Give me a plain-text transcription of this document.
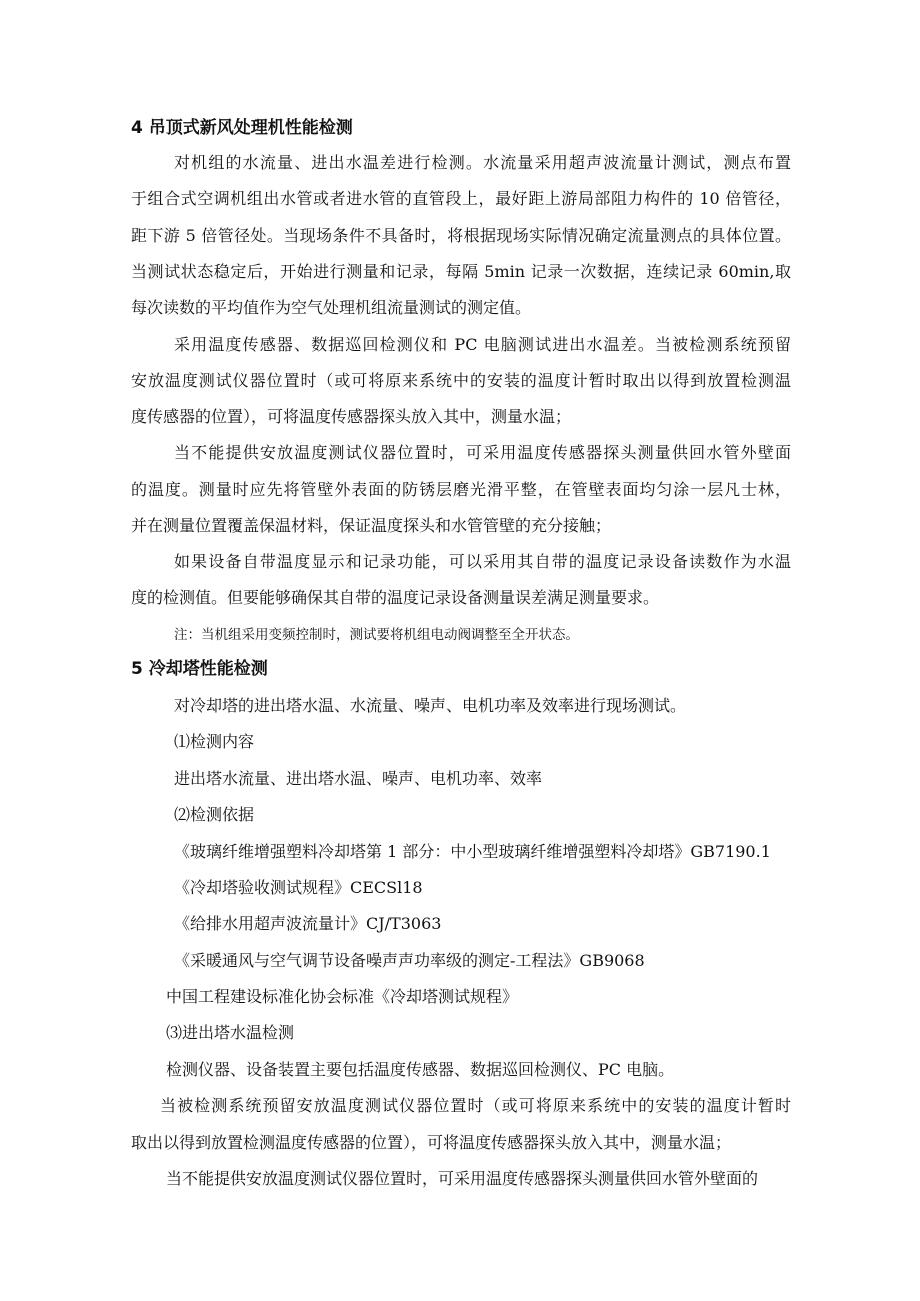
4 吊顶式新风处理机性能检测
对机组的水流量、进出水温差进行检测。水流量采用超声波流量计测试，测点布置
于组合式空调机组出水管或者进水管的直管段上，最好距上游局部阻力构件的 10 倍管径，
距下游 5 倍管径处。当现场条件不具备时，将根据现场实际情况确定流量测点的具体位置。
当测试状态稳定后，开始进行测量和记录，每隔 5min 记录一次数据，连续记录 60min,取
每次读数的平均值作为空气处理机组流量测试的测定值。
采用温度传感器、数据巡回检测仪和 PC 电脑测试进出水温差。当被检测系统预留
安放温度测试仪器位置时（或可将原来系统中的安装的温度计暂时取出以得到放置检测温
度传感器的位置），可将温度传感器探头放入其中，测量水温；
当不能提供安放温度测试仪器位置时，可采用温度传感器探头测量供回水管外壁面
的温度。测量时应先将管壁外表面的防锈层磨光滑平整，在管壁表面均匀涂一层凡士林，
并在测量位置覆盖保温材料，保证温度探头和水管管壁的充分接触；
如果设备自带温度显示和记录功能，可以采用其自带的温度记录设备读数作为水温
度的检测值。但要能够确保其自带的温度记录设备测量误差满足测量要求。
注：当机组采用变频控制时，测试要将机组电动阀调整至全开状态。
5 冷却塔性能检测
对冷却塔的进出塔水温、水流量、噪声、电机功率及效率进行现场测试。
⑴检测内容
进出塔水流量、进出塔水温、噪声、电机功率、效率
⑵检测依据
《玻璃纤维增强塑料冷却塔第 1 部分：中小型玻璃纤维增强塑料冷却塔》GB7190.1
《冷却塔验收测试规程》CECSl18
《给排水用超声波流量计》CJ/T3063
《采暖通风与空气调节设备噪声声功率级的测定-工程法》GB9068
中国工程建设标准化协会标准《冷却塔测试规程》
⑶进出塔水温检测
检测仪器、设备装置主要包括温度传感器、数据巡回检测仪、PC 电脑。
当被检测系统预留安放温度测试仪器位置时（或可将原来系统中的安装的温度计暂时
取出以得到放置检测温度传感器的位置），可将温度传感器探头放入其中，测量水温；
当不能提供安放温度测试仪器位置时，可采用温度传感器探头测量供回水管外壁面的
